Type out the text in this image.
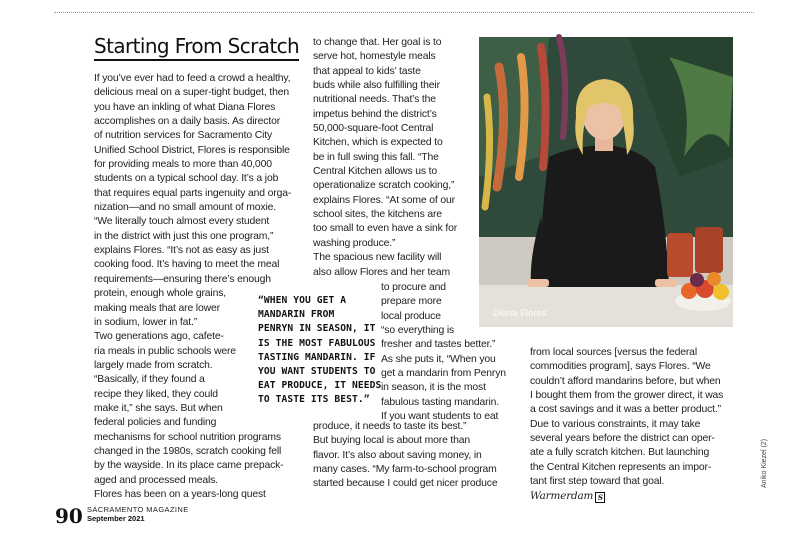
Starting From Scratch
If you’ve ever had to feed a crowd a healthy,
delicious meal on a super-tight budget, then
you have an inkling of what Diana Flores
accomplishes on a daily basis. As director
of nutrition services for Sacramento City
Unified School District, Flores is responsible
for providing meals to more than 40,000
students on a typical school day. It’s a job
that requires equal parts ingenuity and orga-
nization—and no small amount of moxie.
“We literally touch almost every student
in the district with just this one program,”
explains Flores. “It’s not as easy as just
cooking food. It’s having to meet the meal
requirements—ensuring there’s enough
protein, enough whole grains,
making meals that are lower
in sodium, lower in fat.”
Two generations ago, cafete-
ria meals in public schools were
largely made from scratch.
“Basically, if they found a
recipe they liked, they could
make it,” she says. But when
federal policies and funding
mechanisms for school nutrition programs
changed in the 1980s, scratch cooking fell
by the wayside. In its place came prepack-
aged and processed meals.
Flores has been on a years-long quest
to change that. Her goal is to
serve hot, homestyle meals
that appeal to kids’ taste
buds while also fulfilling their
nutritional needs. That’s the
impetus behind the district’s
50,000-square-foot Central
Kitchen, which is expected to
be in full swing this fall. “The
Central Kitchen allows us to
operationalize scratch cooking,”
explains Flores. “At some of our
school sites, the kitchens are
too small to even have a sink for
washing produce.”
The spacious new facility will
also allow Flores and her team
to procure and
prepare more
local produce
“so everything is
fresher and tastes better.”
As she puts it, “When you
get a mandarin from Penryn
in season, it is the most
fabulous tasting mandarin.
If you want students to eat
produce, it needs to taste its best.”
But buying local is about more than
flavor. It’s also about saving money, in
many cases. “My farm-to-school program
started because I could get nicer produce
from local sources [versus the federal
commodities program], says Flores. “We
couldn’t afford mandarins before, but when
I bought them from the grower direct, it was
a cost savings and it was a better product.”
Due to various constraints, it may take
several years before the district can oper-
ate a fully scratch kitchen. But launching
the Central Kitchen represents an impor-
tant first step toward that goal.
Warmerdam S
“WHEN YOU GET A
MANDARIN FROM
PENRYN IN SEASON, IT
IS THE MOST FABULOUS
TASTING MANDARIN. IF
YOU WANT STUDENTS TO
EAT PRODUCE, IT NEEDS
TO TASTE ITS BEST.”
Diana Flores
Aniko Kiezel (2)
90 SACRAMENTO MAGAZINE
September 2021
